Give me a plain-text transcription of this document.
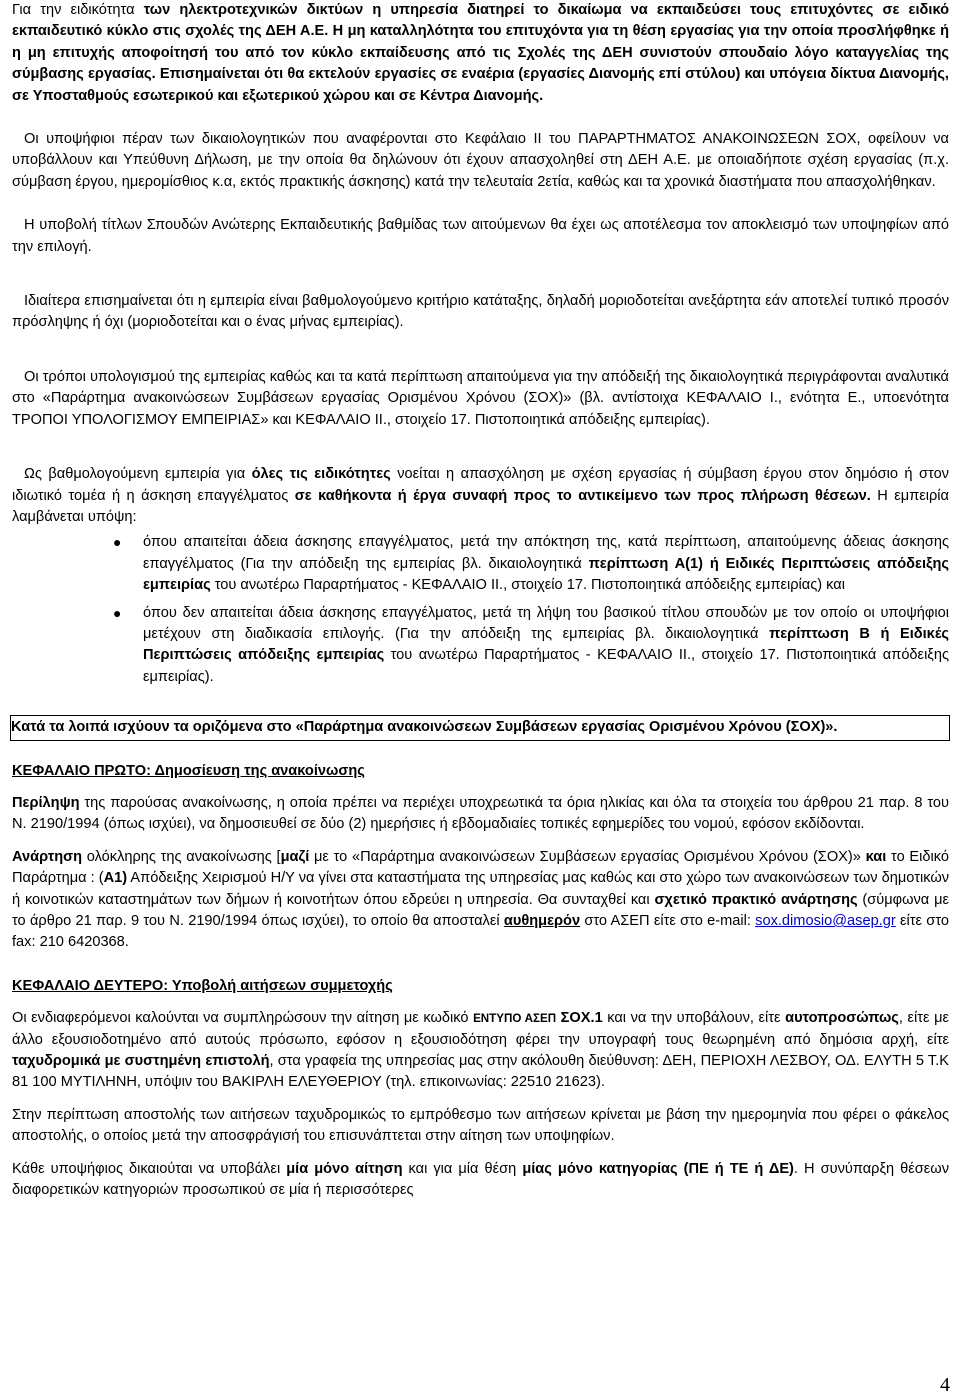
Για την ειδικότητα των ηλεκτροτεχνικών δικτύων η υπηρεσία διατηρεί το δικαίωμα να εκπαιδεύσει τους επιτυχόντες σε ειδικό εκπαιδευτικό κύκλο στις σχολές της ΔΕΗ Α.Ε. Η μη καταλληλότητα του επιτυχόντα για τη θέση εργασίας για την οποία προσλήφθηκε ή η μη επιτυχής αποφοίτησή του από τον κύκλο εκπαίδευσης από τις Σχολές της ΔΕΗ συνιστούν σπουδαίο λόγο καταγγελίας της σύμβασης εργασίας. Επισημαίνεται ότι θα εκτελούν εργασίες σε εναέρια (εργασίες Διανομής επί στύλου) και υπόγεια δίκτυα Διανομής, σε Υποσταθμούς εσωτερικού και εξωτερικού χώρου και σε Κέντρα Διανομής.

Οι υποψήφιοι πέραν των δικαιολογητικών που αναφέρονται στο Κεφάλαιο ΙΙ του ΠΑΡΑΡΤΗΜΑΤΟΣ ΑΝΑΚΟΙΝΩΣΕΩΝ ΣΟΧ, οφείλουν να υποβάλλουν και Υπεύθυνη Δήλωση, με την οποία θα δηλώνουν ότι έχουν απασχοληθεί στη ΔΕΗ Α.Ε. με οποιαδήποτε σχέση εργασίας (π.χ. σύμβαση έργου, ημερομίσθιος κ.α, εκτός πρακτικής άσκησης) κατά την τελευταία 2ετία, καθώς και τα χρονικά διαστήματα που απασχολήθηκαν.

Η υποβολή τίτλων Σπουδών Ανώτερης Εκπαιδευτικής βαθμίδας των αιτούμενων θα έχει ως αποτέλεσμα τον αποκλεισμό των υποψηφίων από την επιλογή.

Ιδιαίτερα επισημαίνεται ότι η εμπειρία είναι βαθμολογούμενο κριτήριο κατάταξης, δηλαδή μοριοδοτείται ανεξάρτητα εάν αποτελεί τυπικό προσόν πρόσληψης ή όχι (μοριοδοτείται και ο ένας μήνας εμπειρίας).

Οι τρόποι υπολογισμού της εμπειρίας καθώς και τα κατά περίπτωση απαιτούμενα για την απόδειξή της δικαιολογητικά περιγράφονται αναλυτικά στο «Παράρτημα ανακοινώσεων Συμβάσεων εργασίας Ορισμένου Χρόνου (ΣΟΧ)» (βλ. αντίστοιχα ΚΕΦΑΛΑΙΟ Ι., ενότητα Ε., υποενότητα ΤΡΟΠΟΙ ΥΠΟΛΟΓΙΣΜΟΥ ΕΜΠΕΙΡΙΑΣ» και ΚΕΦΑΛΑΙΟ ΙΙ., στοιχείο 17. Πιστοποιητικά απόδειξης εμπειρίας).

Ως βαθμολογούμενη εμπειρία για όλες τις ειδικότητες νοείται η απασχόληση με σχέση εργασίας ή σύμβαση έργου στον δημόσιο ή στον ιδιωτικό τομέα ή η άσκηση επαγγέλματος σε καθήκοντα ή έργα συναφή προς το αντικείμενο των προς πλήρωση θέσεων. Η εμπειρία λαμβάνεται υπόψη:

● όπου απαιτείται άδεια άσκησης επαγγέλματος, μετά την απόκτηση της, κατά περίπτωση, απαιτούμενης άδειας άσκησης επαγγέλματος (Για την απόδειξη της εμπειρίας βλ. δικαιολογητικά περίπτωση Α(1) ή Ειδικές Περιπτώσεις απόδειξης εμπειρίας του ανωτέρω Παραρτήματος - ΚΕΦΑΛΑΙΟ ΙΙ., στοιχείο 17. Πιστοποιητικά απόδειξης εμπειρίας) και
● όπου δεν απαιτείται άδεια άσκησης επαγγέλματος, μετά τη λήψη του βασικού τίτλου σπουδών με τον οποίο οι υποψήφιοι μετέχουν στη διαδικασία επιλογής. (Για την απόδειξη της εμπειρίας βλ. δικαιολογητικά περίπτωση Β ή Ειδικές Περιπτώσεις απόδειξης εμπειρίας του ανωτέρω Παραρτήματος - ΚΕΦΑΛΑΙΟ ΙΙ., στοιχείο 17. Πιστοποιητικά απόδειξης εμπειρίας).

Κατά τα λοιπά ισχύουν τα οριζόμενα στο «Παράρτημα ανακοινώσεων Συμβάσεων εργασίας Ορισμένου Χρόνου (ΣΟΧ)».

ΚΕΦΑΛΑΙΟ ΠΡΩΤΟ: Δημοσίευση της ανακοίνωσης

Περίληψη της παρούσας ανακοίνωσης, η οποία πρέπει να περιέχει υποχρεωτικά τα όρια ηλικίας και όλα τα στοιχεία του άρθρου 21 παρ. 8 του Ν. 2190/1994 (όπως ισχύει), να δημοσιευθεί σε δύο (2) ημερήσιες ή εβδομαδιαίες τοπικές εφημερίδες του νομού, εφόσον εκδίδονται.

Ανάρτηση ολόκληρης της ανακοίνωσης [μαζί με το «Παράρτημα ανακοινώσεων Συμβάσεων εργασίας Ορισμένου Χρόνου (ΣΟΧ)» και το Ειδικό Παράρτημα : (Α1) Απόδειξης Χειρισμού Η/Υ να γίνει στα καταστήματα της υπηρεσίας μας καθώς και στο χώρο των ανακοινώσεων των δημοτικών ή κοινοτικών καταστημάτων των δήμων ή κοινοτήτων όπου εδρεύει η υπηρεσία. Θα συνταχθεί και σχετικό πρακτικό ανάρτησης (σύμφωνα με το άρθρο 21 παρ. 9 του Ν. 2190/1994 όπως ισχύει), το οποίο θα αποσταλεί αυθημερόν στο ΑΣΕΠ είτε στο e-mail: sox.dimosio@asep.gr είτε στο fax: 210 6420368.

ΚΕΦΑΛΑΙΟ ΔΕΥΤΕΡΟ: Υποβολή αιτήσεων συμμετοχής

Οι ενδιαφερόμενοι καλούνται να συμπληρώσουν την αίτηση με κωδικό ΕΝΤΥΠΟ ΑΣΕΠ ΣΟΧ.1 και να την υποβάλουν, είτε αυτοπροσώπως, είτε με άλλο εξουσιοδοτημένο από αυτούς πρόσωπο, εφόσον η εξουσιοδότηση φέρει την υπογραφή τους θεωρημένη από δημόσια αρχή, είτε ταχυδρομικά με συστημένη επιστολή, στα γραφεία της υπηρεσίας μας στην ακόλουθη διεύθυνση: ΔΕΗ, ΠΕΡΙΟΧΗ ΛΕΣΒΟΥ, ΟΔ. ΕΛΥΤΗ 5 Τ.Κ 81 100 ΜΥΤΙΛΗΝΗ, υπόψιν του ΒΑΚΙΡΛΗ ΕΛΕΥΘΕΡΙΟΥ (τηλ. επικοινωνίας: 22510 21623).

Στην περίπτωση αποστολής των αιτήσεων ταχυδρομικώς το εμπρόθεσμο των αιτήσεων κρίνεται με βάση την ημερομηνία που φέρει ο φάκελος αποστολής, ο οποίος μετά την αποσφράγισή του επισυνάπτεται στην αίτηση των υποψηφίων.

Κάθε υποψήφιος δικαιούται να υποβάλει μία μόνο αίτηση και για μία θέση μίας μόνο κατηγορίας (ΠΕ ή ΤΕ ή ΔΕ). Η συνύπαρξη θέσεων διαφορετικών κατηγοριών προσωπικού σε μία ή περισσότερες

4
